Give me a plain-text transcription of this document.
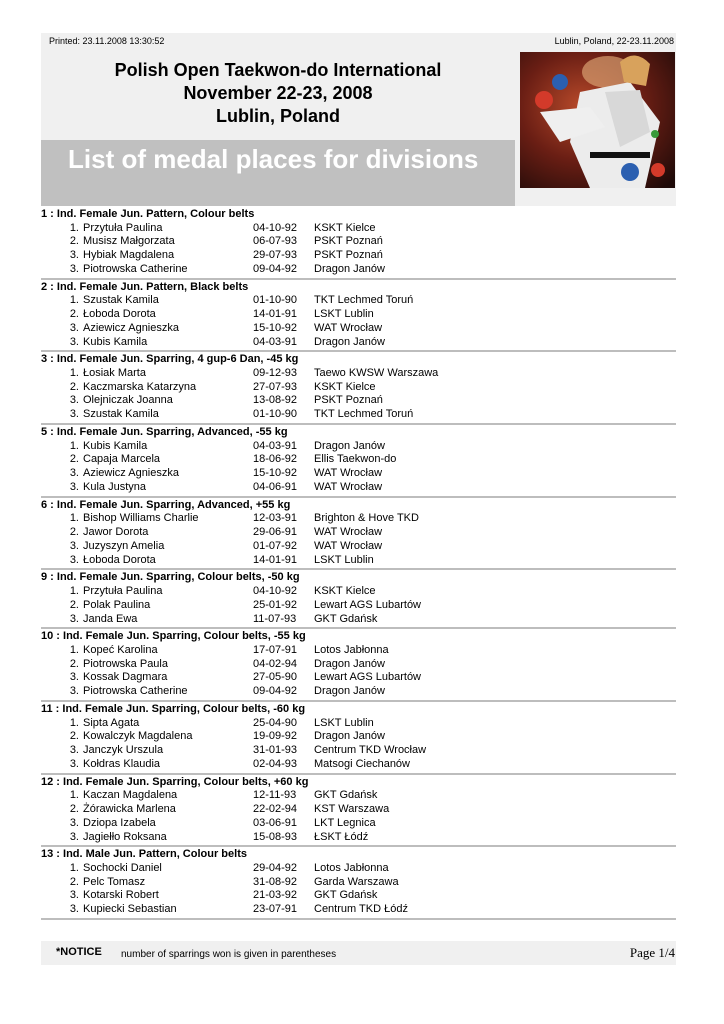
Printed: 23.11.2008 13:30:52	Lublin, Poland, 22-23.11.2008
Polish Open Taekwon-do International
November 22-23, 2008
Lublin, Poland
List of medal places for divisions
1 : Ind. Female Jun. Pattern, Colour belts
1. Przytuła Paulina	04-10-92 KSKT Kielce
2. Musisz Małgorzata	06-07-93 PSKT Poznań
3. Hybiak Magdalena	29-07-93 PSKT Poznań
3. Piotrowska Catherine	09-04-92 Dragon Janów
2 : Ind. Female Jun. Pattern, Black belts
1. Szustak Kamila	01-10-90 TKT Lechmed Toruń
2. Łoboda Dorota	14-01-91 LSKT Lublin
3. Aziewicz Agnieszka	15-10-92 WAT Wrocław
3. Kubis Kamila	04-03-91 Dragon Janów
3 : Ind. Female Jun. Sparring, 4 gup-6 Dan, -45 kg
1. Łosiak Marta	09-12-93 Taewo KWSW Warszawa
2. Kaczmarska Katarzyna	27-07-93 KSKT Kielce
3. Olejniczak Joanna	13-08-92 PSKT Poznań
3. Szustak Kamila	01-10-90 TKT Lechmed Toruń
5 : Ind. Female Jun. Sparring, Advanced, -55 kg
1. Kubis Kamila	04-03-91 Dragon Janów
2. Capaja Marcela	18-06-92 Ellis Taekwon-do
3. Aziewicz Agnieszka	15-10-92 WAT Wrocław
3. Kula Justyna	04-06-91 WAT Wrocław
6 : Ind. Female Jun. Sparring, Advanced, +55 kg
1. Bishop Williams Charlie	12-03-91 Brighton & Hove TKD
2. Jawor Dorota	29-06-91 WAT Wrocław
3. Juzyszyn Amelia	01-07-92 WAT Wrocław
3. Łoboda Dorota	14-01-91 LSKT Lublin
9 : Ind. Female Jun. Sparring, Colour belts, -50 kg
1. Przytuła Paulina	04-10-92 KSKT Kielce
2. Polak Paulina	25-01-92 Lewart AGS Lubartów
3. Janda Ewa	11-07-93 GKT Gdańsk
10 : Ind. Female Jun. Sparring, Colour belts, -55 kg
1. Kopeć Karolina	17-07-91 Lotos Jabłonna
2. Piotrowska Paula	04-02-94 Dragon Janów
3. Kossak Dagmara	27-05-90 Lewart AGS Lubartów
3. Piotrowska Catherine	09-04-92 Dragon Janów
11 : Ind. Female Jun. Sparring, Colour belts, -60 kg
1. Sipta Agata	25-04-90 LSKT Lublin
2. Kowalczyk Magdalena	19-09-92 Dragon Janów
3. Janczyk Urszula	31-01-93 Centrum TKD Wrocław
3. Kołdras Klaudia	02-04-93 Matsogi Ciechanów
12 : Ind. Female Jun. Sparring, Colour belts, +60 kg
1. Kaczan Magdalena	12-11-93 GKT Gdańsk
2. Żórawicka Marlena	22-02-94 KST Warszawa
3. Dziopa Izabela	03-06-91 LKT Legnica
3. Jagiełło Roksana	15-08-93 ŁSKT Łódź
13 : Ind. Male Jun. Pattern, Colour belts
1. Sochocki Daniel	29-04-92 Lotos Jabłonna
2. Pelc Tomasz	31-08-92 Garda Warszawa
3. Kotarski Robert	21-03-92 GKT Gdańsk
3. Kupiecki Sebastian	23-07-91 Centrum TKD Łódź
*NOTICE number of sparrings won is given in parentheses	Page 1/4
